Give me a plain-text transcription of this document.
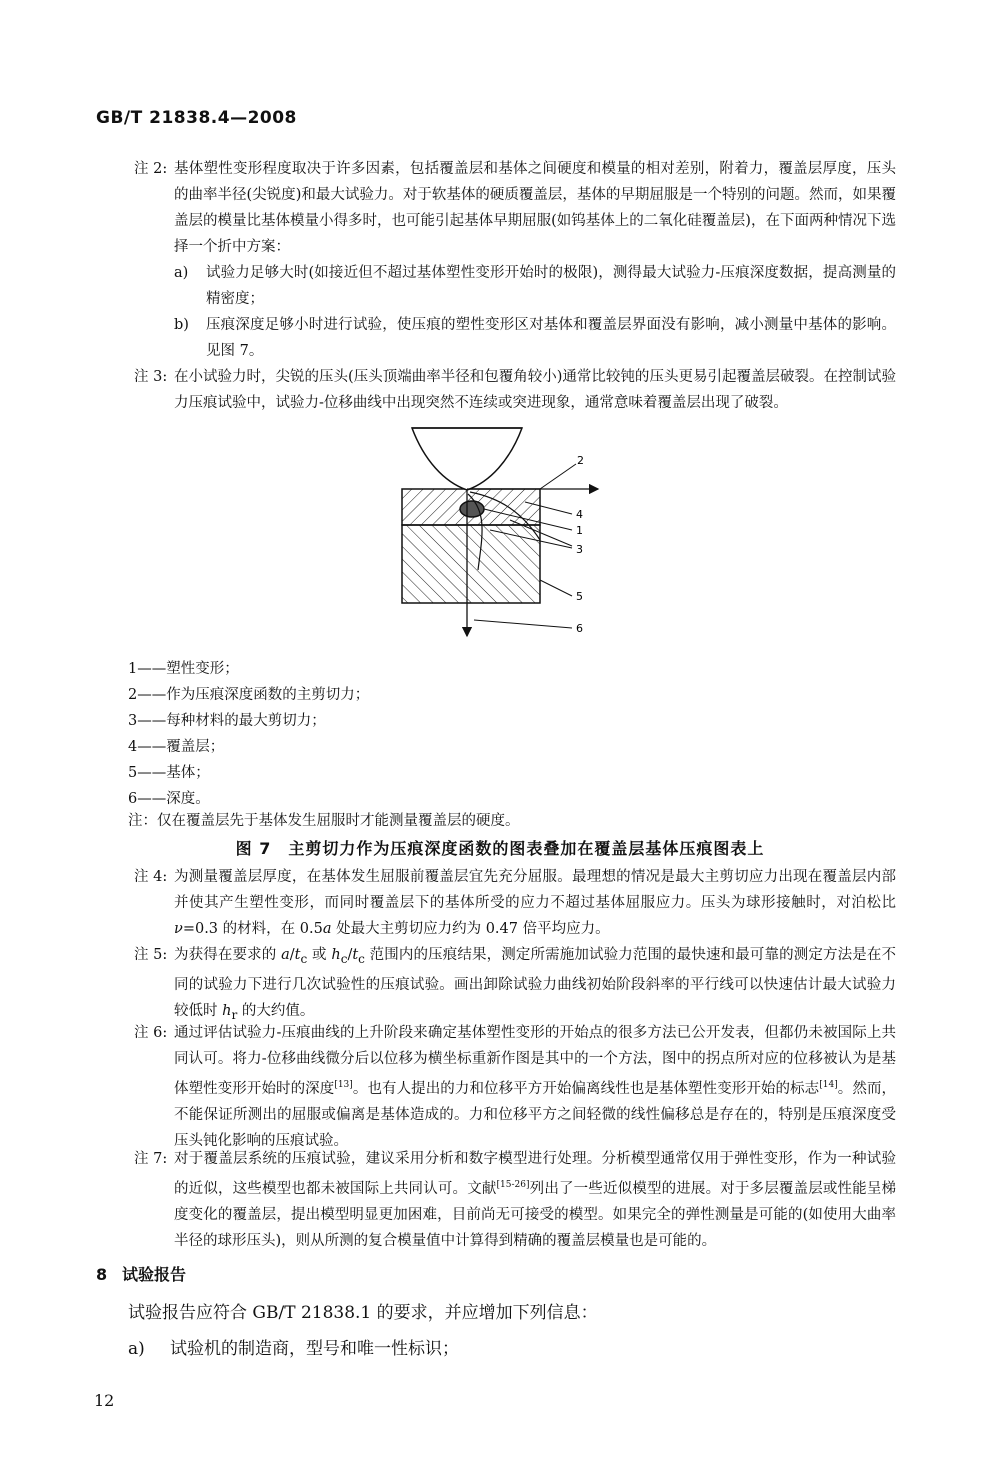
GB/T 21838.4—2008
注 2: 基体塑性变形程度取决于许多因素，包括覆盖层和基体之间硬度和模量的相对差别，附着力，覆盖层厚度，压头的曲率半径(尖锐度)和最大试验力。对于软基体的硬质覆盖层，基体的早期屈服是一个特别的问题。然而，如果覆盖层的模量比基体模量小得多时，也可能引起基体早期屈服(如钨基体上的二氧化硅覆盖层)，在下面两种情况下选择一个折中方案：
a)	试验力足够大时(如接近但不超过基体塑性变形开始时的极限)，测得最大试验力-压痕深度数据，提高测量的精密度；
b)	压痕深度足够小时进行试验，使压痕的塑性变形区对基体和覆盖层界面没有影响，减小测量中基体的影响。见图 7。
注 3: 在小试验力时，尖锐的压头(压头顶端曲率半径和包覆角较小)通常比较钝的压头更易引起覆盖层破裂。在控制试验力压痕试验中，试验力-位移曲线中出现突然不连续或突进现象，通常意味着覆盖层出现了破裂。
2
4
1
3
5
6
1——塑性变形；
2——作为压痕深度函数的主剪切力；
3——每种材料的最大剪切力；
4——覆盖层；
5——基体；
6——深度。
注：仅在覆盖层先于基体发生屈服时才能测量覆盖层的硬度。
图 7　主剪切力作为压痕深度函数的图表叠加在覆盖层基体压痕图表上
注 4: 为测量覆盖层厚度，在基体发生屈服前覆盖层宜先充分屈服。最理想的情况是最大主剪切应力出现在覆盖层内部并使其产生塑性变形，而同时覆盖层下的基体所受的应力不超过基体屈服应力。压头为球形接触时，对泊松比 ν=0.3 的材料，在 0.5a 处最大主剪切应力约为 0.47 倍平均应力。
注 5: 为获得在要求的 $a/t_c$ 或 $h_c/t_c$ 范围内的压痕结果，测定所需施加试验力范围的最快速和最可靠的测定方法是在不同的试验力下进行几次试验性的压痕试验。画出卸除试验力曲线初始阶段斜率的平行线可以快速估计最大试验力较低时 $h_r$ 的大约值。
注 6: 通过评估试验力-压痕曲线的上升阶段来确定基体塑性变形的开始点的很多方法已公开发表，但都仍未被国际上共同认可。将力-位移曲线微分后以位移为横坐标重新作图是其中的一个方法，图中的拐点所对应的位移被认为是基体塑性变形开始时的深度[13]。也有人提出的力和位移平方开始偏离线性也是基体塑性变形开始的标志[14]。然而，不能保证所测出的屈服或偏离是基体造成的。力和位移平方之间轻微的线性偏移总是存在的，特别是压痕深度受压头钝化影响的压痕试验。
注 7: 对于覆盖层系统的压痕试验，建议采用分析和数字模型进行处理。分析模型通常仅用于弹性变形，作为一种试验的近似，这些模型也都未被国际上共同认可。文献[15-26]列出了一些近似模型的进展。对于多层覆盖层或性能呈梯度变化的覆盖层，提出模型明显更加困难，目前尚无可接受的模型。如果完全的弹性测量是可能的(如使用大曲率半径的球形压头)，则从所测的复合模量值中计算得到精确的覆盖层模量也是可能的。
8 试验报告
试验报告应符合 GB/T 21838.1 的要求，并应增加下列信息：
a) 试验机的制造商，型号和唯一性标识；
12
